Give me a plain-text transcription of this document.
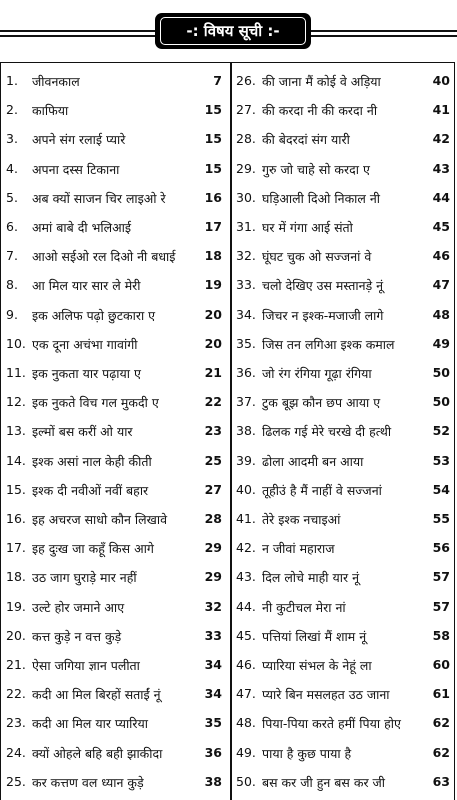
-: विषय सूची :-
1. जीवनकाल	7
2. काफिया	15
3. अपने संग रलाई प्यारे	15
4. अपना दस्स टिकाना	15
5. अब क्यों साजन चिर लाइओ रे	16
6. अमां बाबे दी भलिआई	17
7. आओ सईओ रल दिओ नी बधाई 18
8. आ मिल यार सार ले मेरी	19
9. इक अलिफ पढ़ो छुटकारा ए	20
10. एक दूना अचंभा गावांगी	20
11. इक नुकता यार पढ़ाया ए	21
12. इक नुकते विच गल मुकदी ए	22
13. इल्मों बस करीं ओ यार	23
14. इश्क असां नाल केही कीती	25
15. इश्क दी नवीओं नवीं बहार	27
16. इह अचरज साधो कौन लिखावे	28
17. इह दुःख जा कहूँ किस आगे	29
18. उठ जाग घुराड़े मार नहीं	29
19. उल्टे होर जमाने आए	32
20. कत्त कुड़े न वत्त कुड़े	33
21. ऐसा जगिया ज्ञान पलीता	34
22. कदी आ मिल बिरहों सताईं नूं	34
23. कदी आ मिल यार प्यारिया	35
24. क्यों ओहले बहि बही झाकीदा	36
25. कर कत्तण वल ध्यान कुड़े	38
26. की जाना मैं कोई वे अड़िया	40
27. की करदा नी की करदा नी	41
28. की बेदरदां संग यारी	42
29. गुरु जो चाहे सो करदा ए	43
30. घड़िआली दिओ निकाल नी	44
31. घर में गंगा आई संतो	45
32. घूंघट चुक ओ सज्जनां वे	46
33. चलो देखिए उस मस्तानड़े नूं	47
34. जिचर न इश्क-मजाजी लागे	48
35. जिस तन लगिआ इश्क कमाल	49
36. जो रंग रंगिया गूढ़ा रंगिया	50
37. टुक बूझ कौन छप आया ए	50
38. ढिलक गई मेरे चरखे दी हत्थी	52
39. ढोला आदमी बन आया	53
40. तूहीउं है मैं नाहीं वे सज्जनां	54
41. तेरे इश्क नचाइआं	55
42. न जीवां महाराज	56
43. दिल लोचे माही यार नूं	57
44. नी कुटीचल मेरा नां	57
45. पत्तियां लिखां मैं शाम नूं	58
46. प्यारिया संभल के नेहूं ला	60
47. प्यारे बिन मसलहत उठ जाना	61
48. पिया-पिया करते हमीं पिया होए	62
49. पाया है कुछ पाया है	62
50. बस कर जी हुन बस कर जी	63
